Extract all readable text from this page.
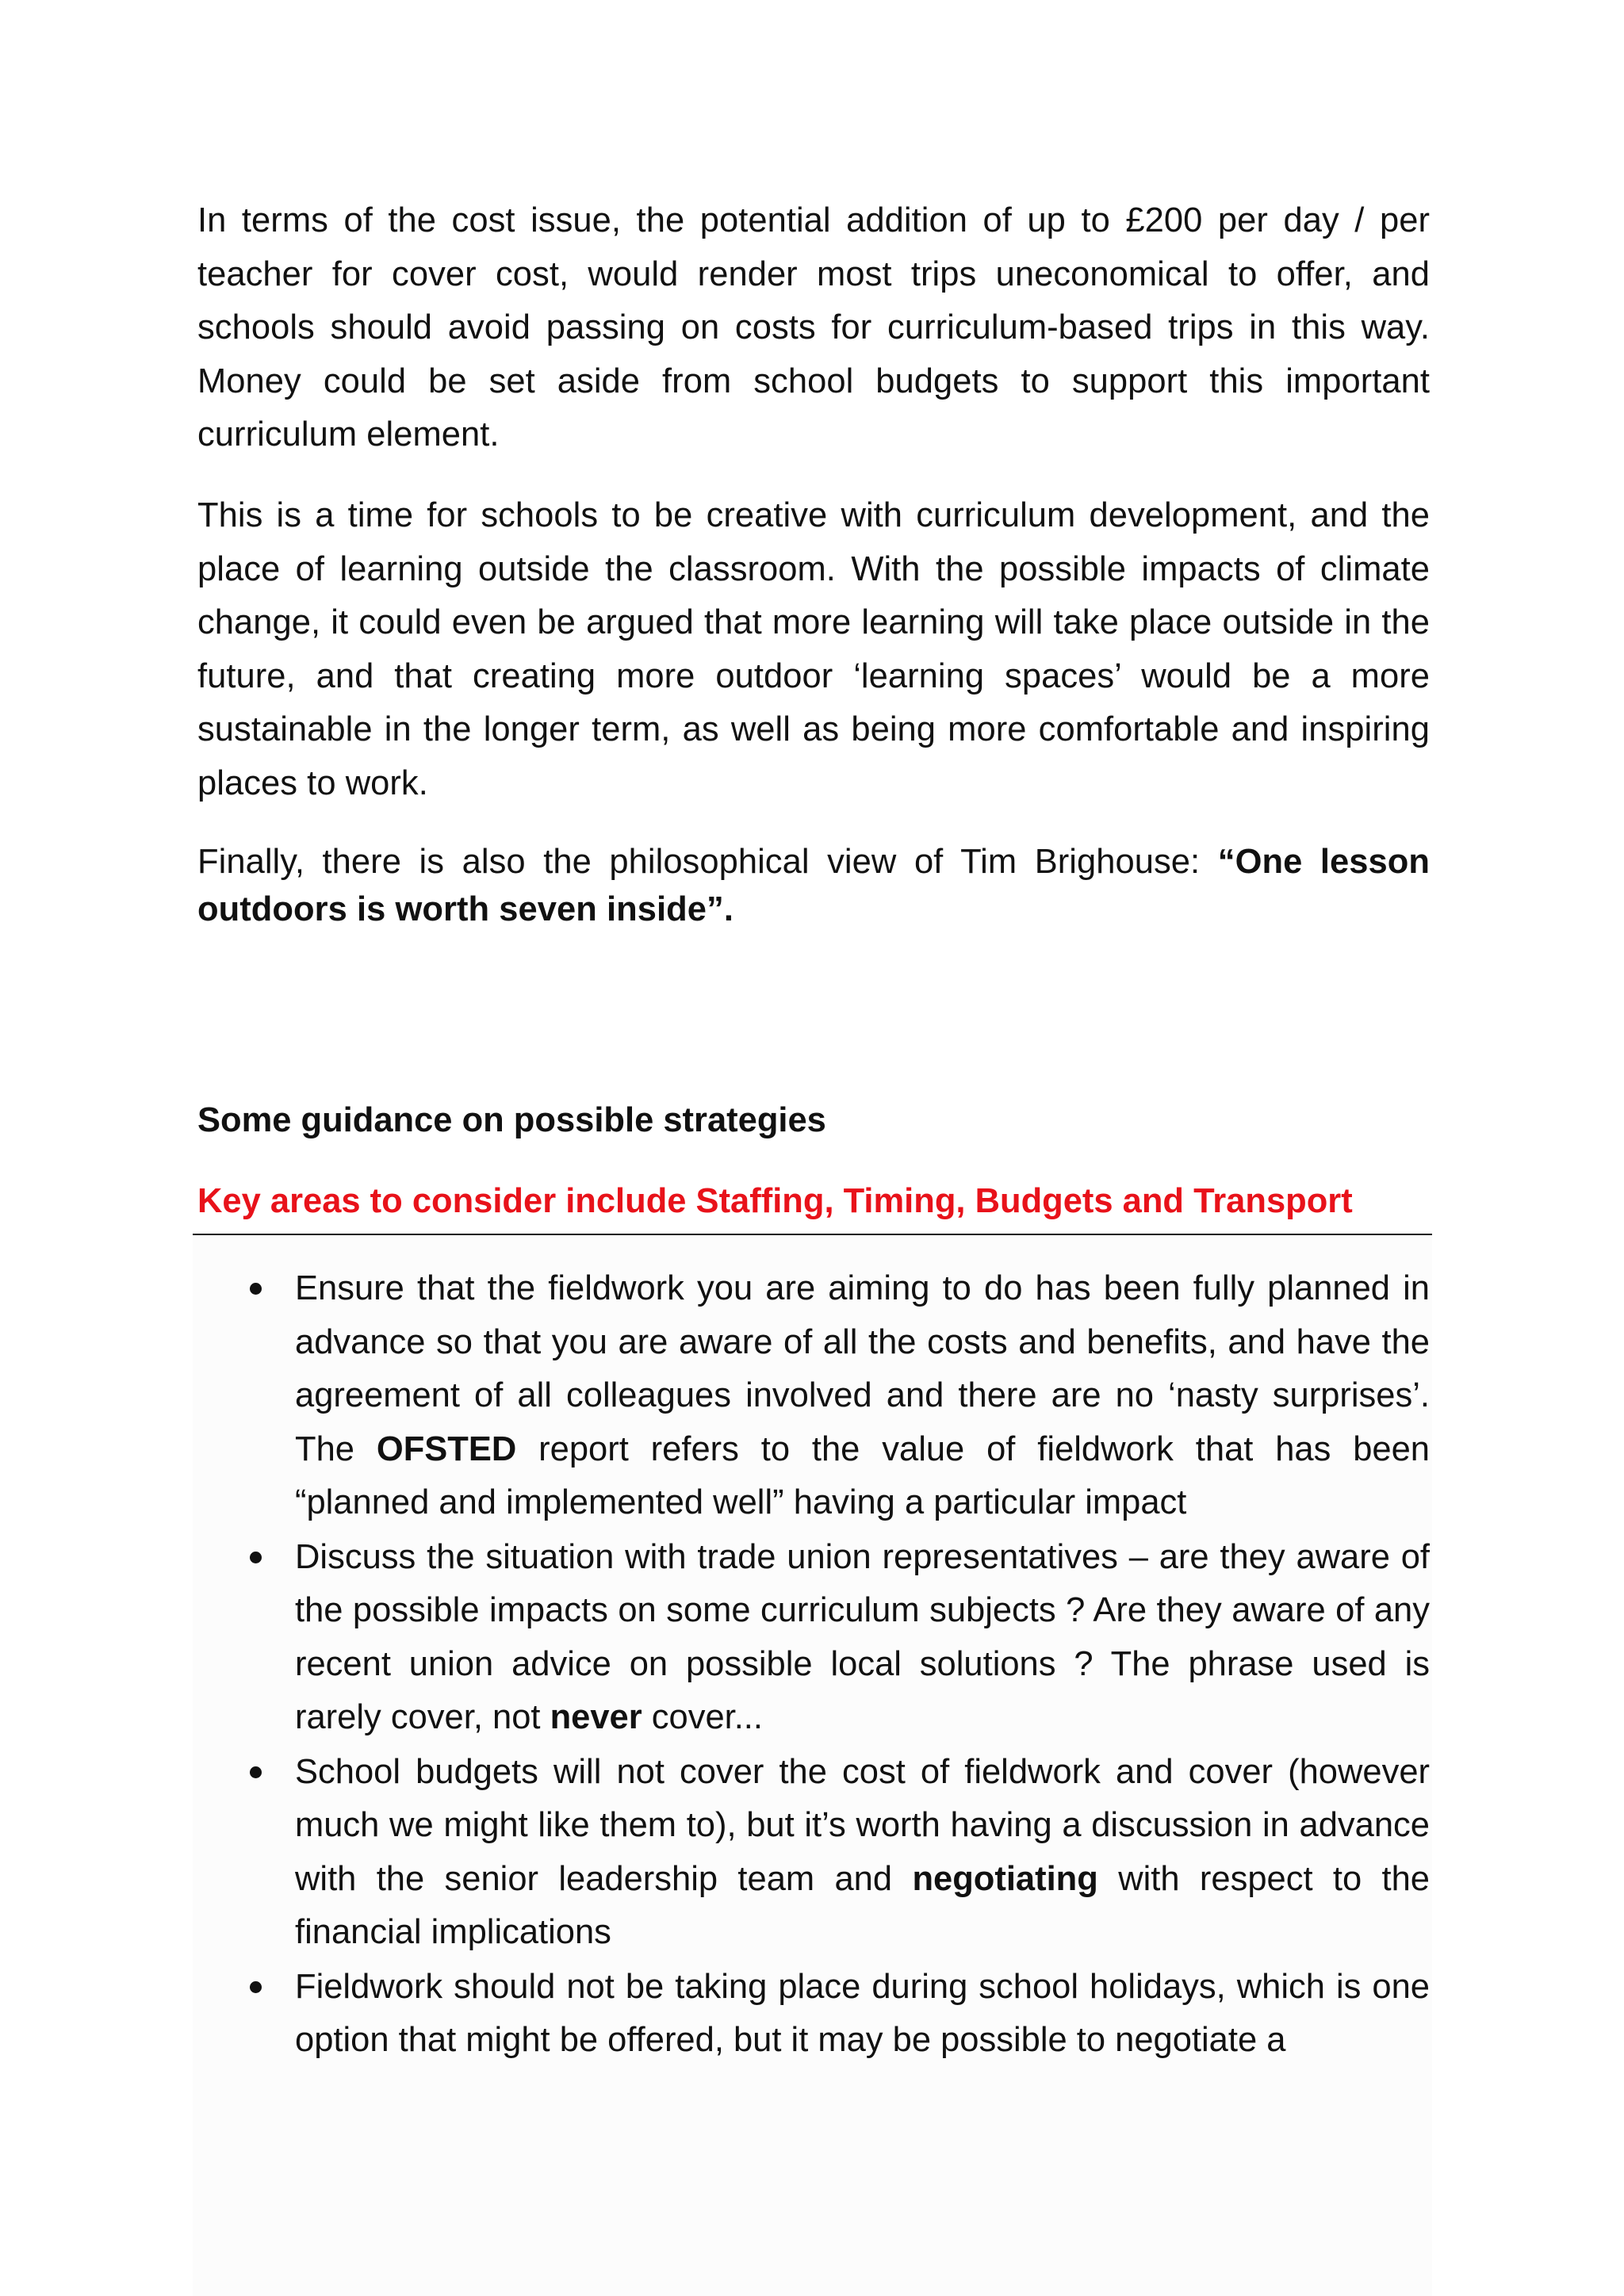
In terms of the cost issue, the potential addition of up to £200 per day / per teacher for cover cost, would render most trips uneconomical to offer, and schools should avoid passing on costs for curriculum-based trips in this way. Money could be set aside from school budgets to support this important curriculum element.

This is a time for schools to be creative with curriculum development, and the place of learning outside the classroom. With the possible impacts of climate change, it could even be argued that more learning will take place outside in the future, and that creating more outdoor ‘learning spaces’ would be a more sustainable in the longer term, as well as being more comfortable and inspiring places to work.

Finally, there is also the philosophical view of Tim Brighouse: “One lesson outdoors is worth seven inside”.

Some guidance on possible strategies
Key areas to consider include Staffing, Timing, Budgets and Transport
Ensure that the fieldwork you are aiming to do has been fully planned in advance so that you are aware of all the costs and benefits, and have the agreement of all colleagues involved and there are no ‘nasty surprises’. The OFSTED report refers to the value of fieldwork that has been “planned and implemented well” having a particular impact
Discuss the situation with trade union representatives – are they aware of the possible impacts on some curriculum subjects ? Are they aware of any recent union advice on possible local solutions ? The phrase used is rarely cover, not never cover...
School budgets will not cover the cost of fieldwork and cover (however much we might like them to), but it’s worth having a discussion in advance with the senior leadership team and negotiating with respect to the financial implications
Fieldwork should not be taking place during school holidays, which is one option that might be offered, but it may be possible to negotiate a
